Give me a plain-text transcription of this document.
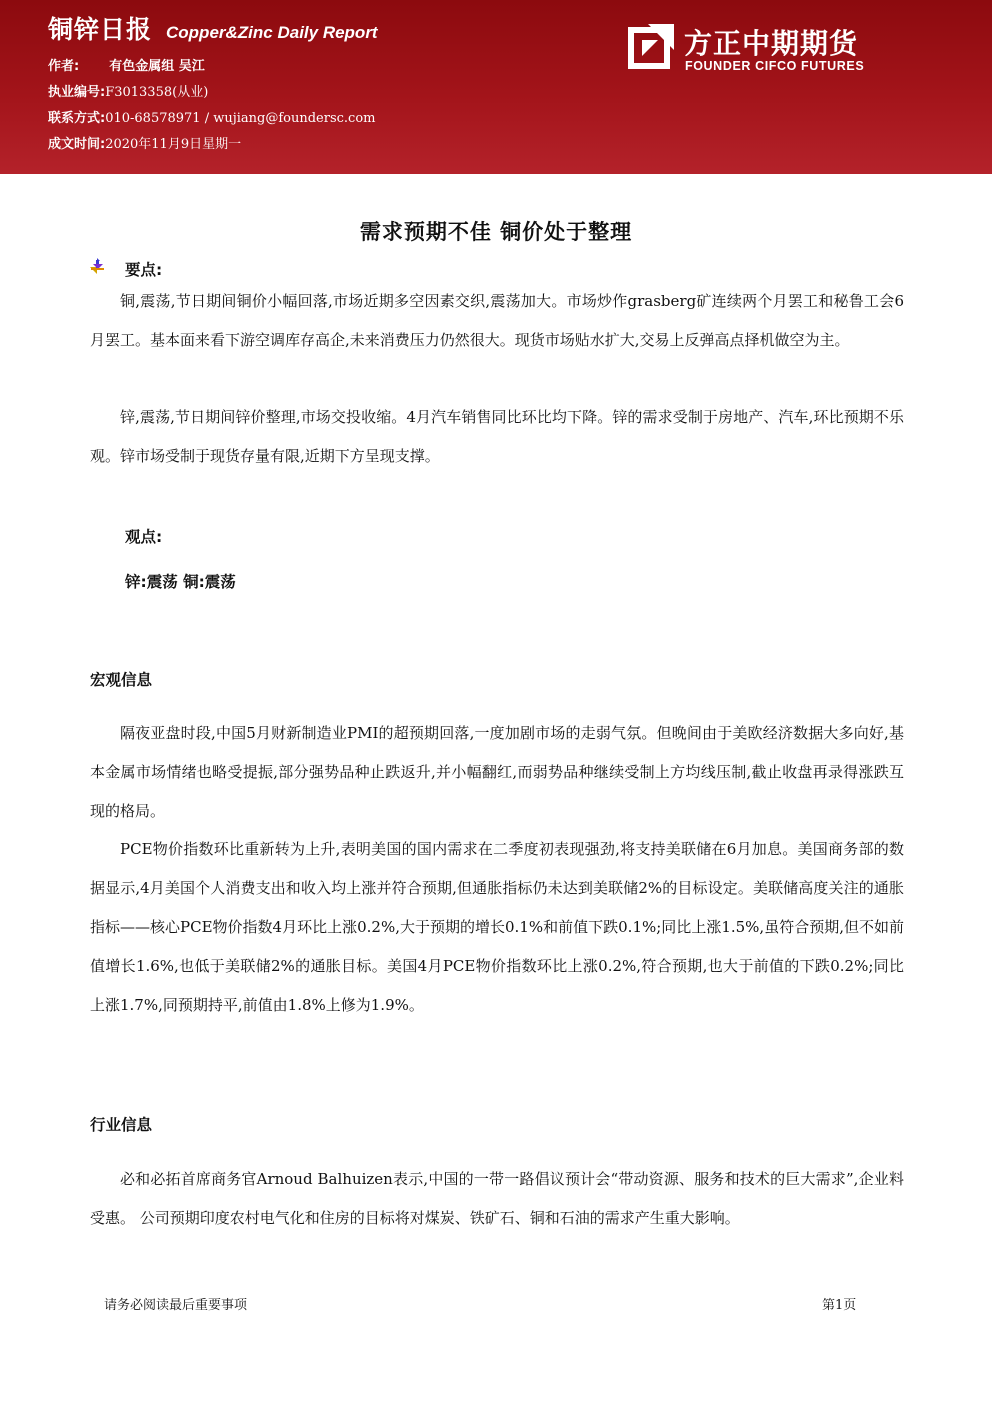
铜锌日报 Copper&Zinc Daily Report
作者: 有色金属组 吴江
执业编号:F3013358(从业)
联系方式:010-68578971 / wujiang@foundersc.com
成文时间:2020年11月9日星期一
方正中期期货
FOUNDER CIFCO FUTURES
需求预期不佳 铜价处于整理
要点:
铜,震荡,节日期间铜价小幅回落,市场近期多空因素交织,震荡加大。市场炒作grasberg矿连续两个月罢工和秘鲁工会6月罢工。基本面来看下游空调库存高企,未来消费压力仍然很大。现货市场贴水扩大,交易上反弹高点择机做空为主。
锌,震荡,节日期间锌价整理,市场交投收缩。4月汽车销售同比环比均下降。锌的需求受制于房地产、汽车,环比预期不乐观。锌市场受制于现货存量有限,近期下方呈现支撑。
观点:
锌:震荡 铜:震荡
宏观信息
隔夜亚盘时段,中国5月财新制造业PMI的超预期回落,一度加剧市场的走弱气氛。但晚间由于美欧经济数据大多向好,基本金属市场情绪也略受提振,部分强势品种止跌返升,并小幅翻红,而弱势品种继续受制上方均线压制,截止收盘再录得涨跌互现的格局。
PCE物价指数环比重新转为上升,表明美国的国内需求在二季度初表现强劲,将支持美联储在6月加息。美国商务部的数据显示,4月美国个人消费支出和收入均上涨并符合预期,但通胀指标仍未达到美联储2%的目标设定。美联储高度关注的通胀指标——核心PCE物价指数4月环比上涨0.2%,大于预期的增长0.1%和前值下跌0.1%;同比上涨1.5%,虽符合预期,但不如前值增长1.6%,也低于美联储2%的通胀目标。美国4月PCE物价指数环比上涨0.2%,符合预期,也大于前值的下跌0.2%;同比上涨1.7%,同预期持平,前值由1.8%上修为1.9%。
行业信息
必和必拓首席商务官Arnoud Balhuizen表示,中国的一带一路倡议预计会“带动资源、服务和技术的巨大需求”,企业料受惠。 公司预期印度农村电气化和住房的目标将对煤炭、铁矿石、铜和石油的需求产生重大影响。
请务必阅读最后重要事项	第1页
